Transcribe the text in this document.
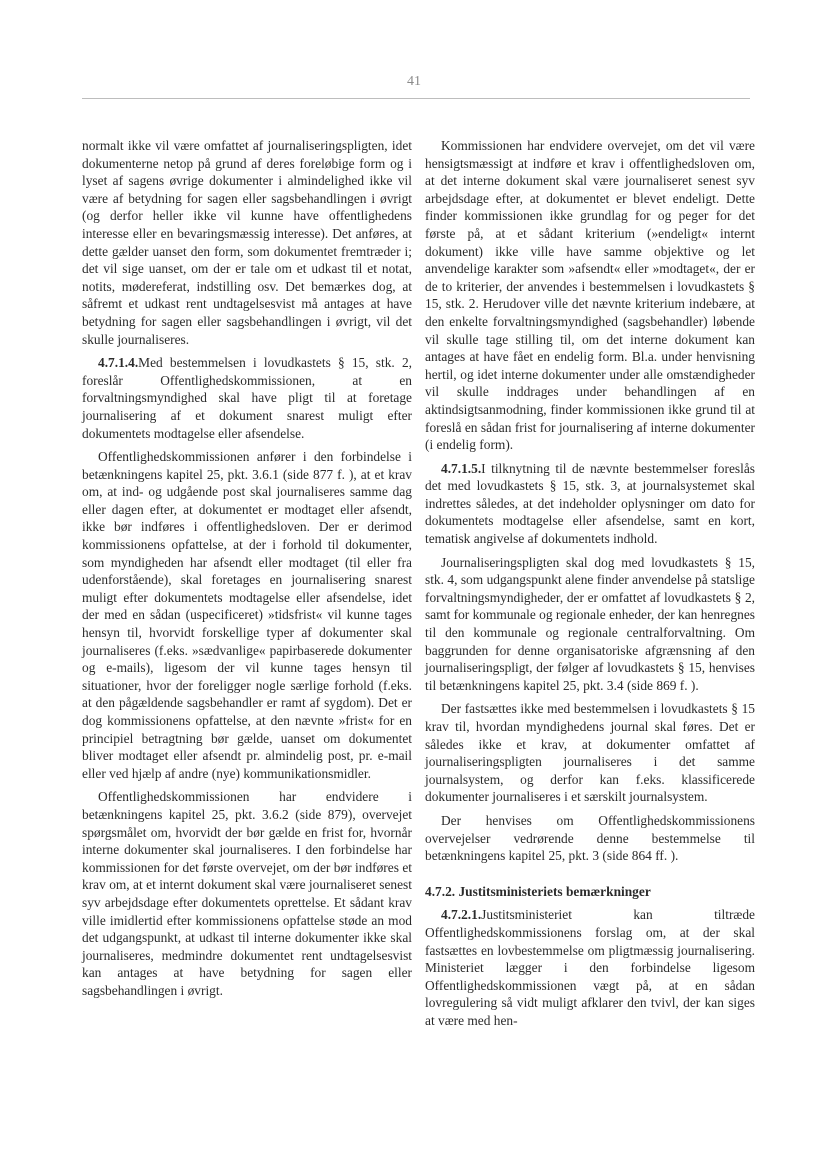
41

normalt ikke vil være omfattet af journaliseringspligten, idet dokumenterne netop på grund af deres foreløbige form og i lyset af sagens øvrige dokumenter i almindelighed ikke vil være af betydning for sagen eller sagsbehandlingen i øvrigt (og derfor heller ikke vil kunne have offentlighedens interesse eller en bevaringsmæssig interesse). Det anføres, at dette gælder uanset den form, som dokumentet fremtræder i; det vil sige uanset, om der er tale om et udkast til et notat, notits, mødereferat, indstilling osv. Det bemærkes dog, at såfremt et udkast rent undtagelsesvist må antages at have betydning for sagen eller sagsbehandlingen i øvrigt, vil det skulle journaliseres.

4.7.1.4.Med bestemmelsen i lovudkastets § 15, stk. 2, foreslår Offentlighedskommissionen, at en forvaltningsmyndighed skal have pligt til at foretage journalisering af et dokument snarest muligt efter dokumentets modtagelse eller afsendelse.

Offentlighedskommissionen anfører i den forbindelse i betænkningens kapitel 25, pkt. 3.6.1 (side 877 f. ), at et krav om, at ind- og udgående post skal journaliseres samme dag eller dagen efter, at dokumentet er modtaget eller afsendt, ikke bør indføres i offentlighedsloven. Der er derimod kommissionens opfattelse, at der i forhold til dokumenter, som myndigheden har afsendt eller modtaget (til eller fra udenforstående), skal foretages en journalisering snarest muligt efter dokumentets modtagelse eller afsendelse, idet der med en sådan (uspecificeret) »tidsfrist« vil kunne tages hensyn til, hvorvidt forskellige typer af dokumenter skal journaliseres (f.eks. »sædvanlige« papirbaserede dokumenter og e-mails), ligesom der vil kunne tages hensyn til situationer, hvor der foreligger nogle særlige forhold (f.eks. at den pågældende sagsbehandler er ramt af sygdom). Det er dog kommissionens opfattelse, at den nævnte »frist« for en principiel betragtning bør gælde, uanset om dokumentet bliver modtaget eller afsendt pr. almindelig post, pr. e-mail eller ved hjælp af andre (nye) kommunikationsmidler.

Offentlighedskommissionen har endvidere i betænkningens kapitel 25, pkt. 3.6.2 (side 879), overvejet spørgsmålet om, hvorvidt der bør gælde en frist for, hvornår interne dokumenter skal journaliseres. I den forbindelse har kommissionen for det første overvejet, om der bør indføres et krav om, at et internt dokument skal være journaliseret senest syv arbejdsdage efter dokumentets oprettelse. Et sådant krav ville imidlertid efter kommissionens opfattelse støde an mod det udgangspunkt, at udkast til interne dokumenter ikke skal journaliseres, medmindre dokumentet rent undtagelsesvist kan antages at have betydning for sagen eller sagsbehandlingen i øvrigt.

Kommissionen har endvidere overvejet, om det vil være hensigtsmæssigt at indføre et krav i offentlighedsloven om, at det interne dokument skal være journaliseret senest syv arbejdsdage efter, at dokumentet er blevet endeligt. Dette finder kommissionen ikke grundlag for og peger for det første på, at et sådant kriterium (»endeligt« internt dokument) ikke ville have samme objektive og let anvendelige karakter som »afsendt« eller »modtaget«, der er de to kriterier, der anvendes i bestemmelsen i lovudkastets § 15, stk. 2. Herudover ville det nævnte kriterium indebære, at den enkelte forvaltningsmyndighed (sagsbehandler) løbende vil skulle tage stilling til, om det interne dokument kan antages at have fået en endelig form. Bl.a. under henvisning hertil, og idet interne dokumenter under alle omstændigheder vil skulle inddrages under behandlingen af en aktindsigtsanmodning, finder kommissionen ikke grund til at foreslå en sådan frist for journalisering af interne dokumenter (i endelig form).

4.7.1.5.I tilknytning til de nævnte bestemmelser foreslås det med lovudkastets § 15, stk. 3, at journalsystemet skal indrettes således, at det indeholder oplysninger om dato for dokumentets modtagelse eller afsendelse, samt en kort, tematisk angivelse af dokumentets indhold.

Journaliseringspligten skal dog med lovudkastets § 15, stk. 4, som udgangspunkt alene finder anvendelse på statslige forvaltningsmyndigheder, der er omfattet af lovudkastets § 2, samt for kommunale og regionale enheder, der kan henregnes til den kommunale og regionale centralforvaltning. Om baggrunden for denne organisatoriske afgrænsning af den journaliseringspligt, der følger af lovudkastets § 15, henvises til betænkningens kapitel 25, pkt. 3.4 (side 869 f. ).

Der fastsættes ikke med bestemmelsen i lovudkastets § 15 krav til, hvordan myndighedens journal skal føres. Det er således ikke et krav, at dokumenter omfattet af journaliseringspligten journaliseres i det samme journalsystem, og derfor kan f.eks. klassificerede dokumenter journaliseres i et særskilt journalsystem.

Der henvises om Offentlighedskommissionens overvejelser vedrørende denne bestemmelse til betænkningens kapitel 25, pkt. 3 (side 864 ff. ).

4.7.2. Justitsministeriets bemærkninger

4.7.2.1.Justitsministeriet kan tiltræde Offentlighedskommissionens forslag om, at der skal fastsættes en lovbestemmelse om pligtmæssig journalisering. Ministeriet lægger i den forbindelse ligesom Offentlighedskommissionen vægt på, at en sådan lovregulering så vidt muligt afklarer den tvivl, der kan siges at være med hen-
